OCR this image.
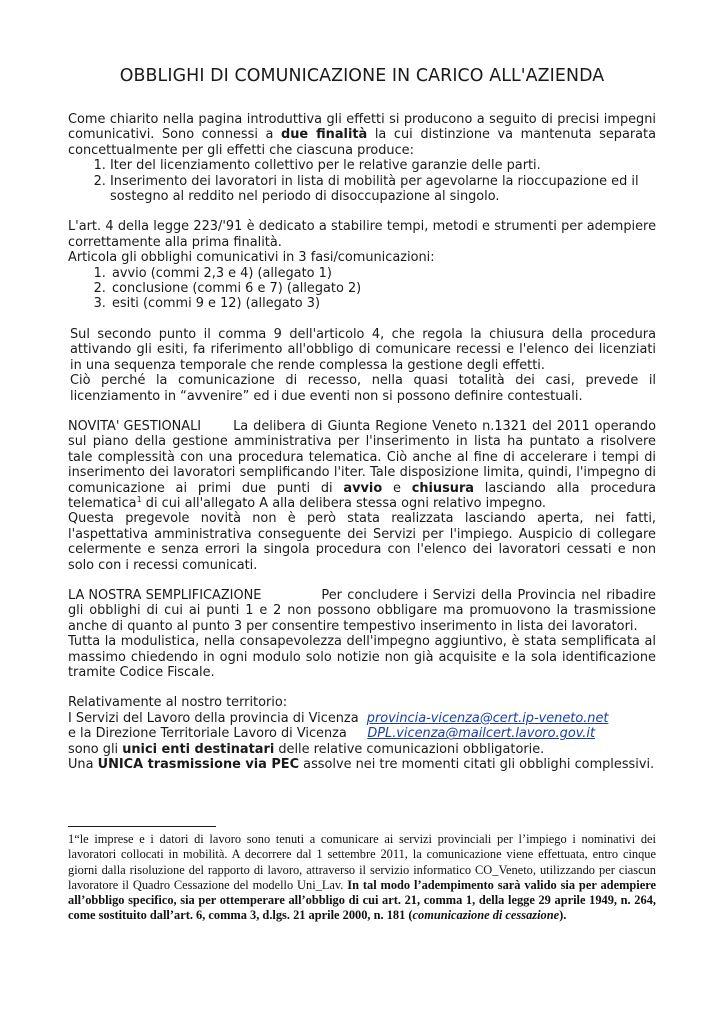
OBBLIGHI DI COMUNICAZIONE IN CARICO ALL'AZIENDA

Come chiarito nella pagina introduttiva gli effetti si producono a seguito di precisi impegni comunicativi. Sono connessi a due finalità la cui distinzione va mantenuta separata concettualmente per gli effetti che ciascuna produce:

1. Iter del licenziamento collettivo per le relative garanzie delle parti.
2. Inserimento dei lavoratori in lista di mobilità per agevolarne la rioccupazione ed il sostegno al reddito nel periodo di disoccupazione al singolo.

L'art. 4 della legge 223/'91 è dedicato a stabilire tempi, metodi e strumenti per adempiere correttamente alla prima finalità.

Articola gli obblighi comunicativi in 3 fasi/comunicazioni:

1. avvio (commi 2,3 e 4) (allegato 1)
2. conclusione (commi 6 e 7) (allegato 2)
3. esiti (commi 9 e 12) (allegato 3)

Sul secondo punto il comma 9 dell'articolo 4, che regola la chiusura della procedura attivando gli esiti, fa riferimento all'obbligo di comunicare recessi e l'elenco dei licenziati in una sequenza temporale che rende complessa la gestione degli effetti.

Ciò perché la comunicazione di recesso, nella quasi totalità dei casi, prevede il licenziamento in “avvenire” ed i due eventi non si possono definire contestuali.

NOVITA' GESTIONALI La delibera di Giunta Regione Veneto n.1321 del 2011 operando sul piano della gestione amministrativa per l'inserimento in lista ha puntato a risolvere tale complessità con una procedura telematica. Ciò anche al fine di accelerare i tempi di inserimento dei lavoratori semplificando l'iter. Tale disposizione limita, quindi, l'impegno di comunicazione ai primi due punti di avvio e chiusura lasciando alla procedura telematica$^1$ di cui all'allegato A alla delibera stessa ogni relativo impegno.

Questa pregevole novità non è però stata realizzata lasciando aperta, nei fatti, l'aspettativa amministrativa conseguente dei Servizi per l'impiego. Auspicio di collegare celermente e senza errori la singola procedura con l'elenco dei lavoratori cessati e non solo con i recessi comunicati.

LA NOSTRA SEMPLIFICAZIONE	Per concludere i Servizi della Provincia nel ribadire gli obblighi di cui ai punti 1 e 2 non possono obbligare ma promuovono la trasmissione anche di quanto al punto 3 per consentire tempestivo inserimento in lista dei lavoratori.

Tutta la modulistica, nella consapevolezza dell'impegno aggiuntivo, è stata semplificata al massimo chiedendo in ogni modulo solo notizie non già acquisite e la sola identificazione tramite Codice Fiscale.

Relativamente al nostro territorio:

I Servizi del Lavoro della provincia di Vicenza provincia-vicenza@cert.ip-veneto.net

e la Direzione Territoriale Lavoro di Vicenza DPL.vicenza@mailcert.lavoro.gov.it

sono gli unici enti destinatari delle relative comunicazioni obbligatorie.

Una UNICA trasmissione via PEC assolve nei tre momenti citati gli obblighi complessivi.

1“le imprese e i datori di lavoro sono tenuti a comunicare ai servizi provinciali per l’impiego i nominativi dei lavoratori collocati in mobilità. A decorrere dal 1 settembre 2011, la comunicazione viene effettuata, entro cinque giorni dalla risoluzione del rapporto di lavoro, attraverso il servizio informatico CO_Veneto, utilizzando per ciascun lavoratore il Quadro Cessazione del modello Uni_Lav. In tal modo l’adempimento sarà valido sia per adempiere all’obbligo specifico, sia per ottemperare all’obbligo di cui art. 21, comma 1, della legge 29 aprile 1949, n. 264, come sostituito dall’art. 6, comma 3, d.lgs. 21 aprile 2000, n. 181 (comunicazione di cessazione).
